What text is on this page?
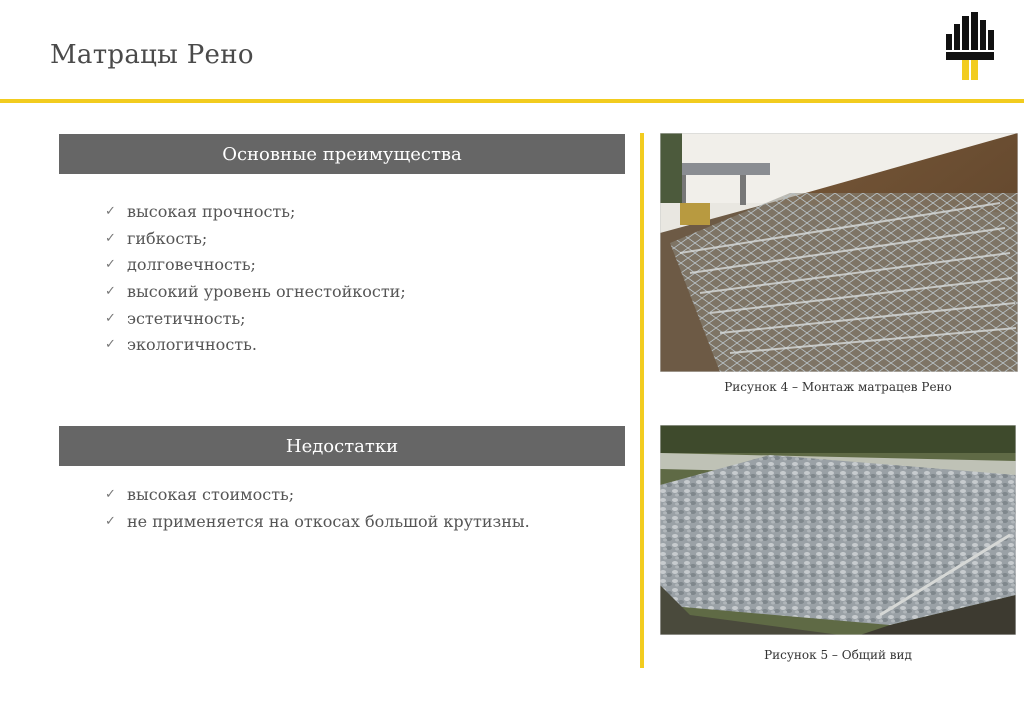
Матрацы Рено
Основные преимущества
✓ высокая прочность;
✓ гибкость;
✓ долговечность;
✓ высокий уровень огнестойкости;
✓ эстетичность;
✓ экологичность.
Недостатки
✓ высокая стоимость;
✓ не применяется на откосах большой крутизны.
Рисунок 4 – Монтаж матрацев Рено
Рисунок 5 – Общий вид
